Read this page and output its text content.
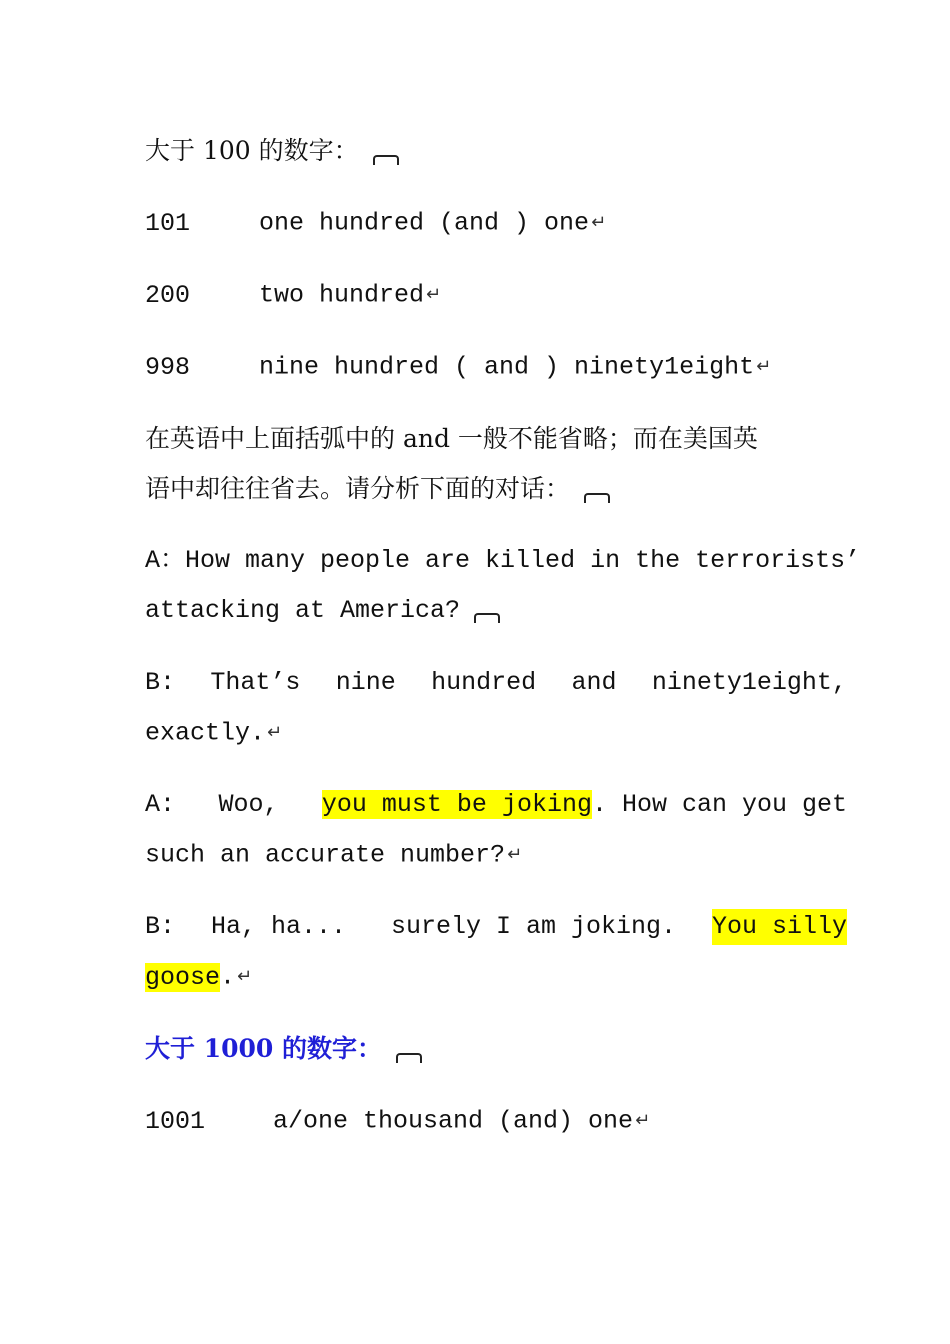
大于 100 的数字：
101	one hundred (and ) one ↵
200	two hundred ↵
998	nine hundred ( and ) ninety1eight ↵
在英语中上面括弧中的 and 一般不能省略；而在美国英
语中却往往省去。请分析下面的对话：
A：How many people are killed in the terrorists’
attacking at America?
B: That’s nine hundred and ninety1eight,
exactly. ↵
A: Woo, you must be joking. How can you get
such an accurate number? ↵
B: Ha, ha...   surely I am joking. You silly
goose. ↵
大于 1000 的数字：
1001	a/one thousand (and) one ↵
